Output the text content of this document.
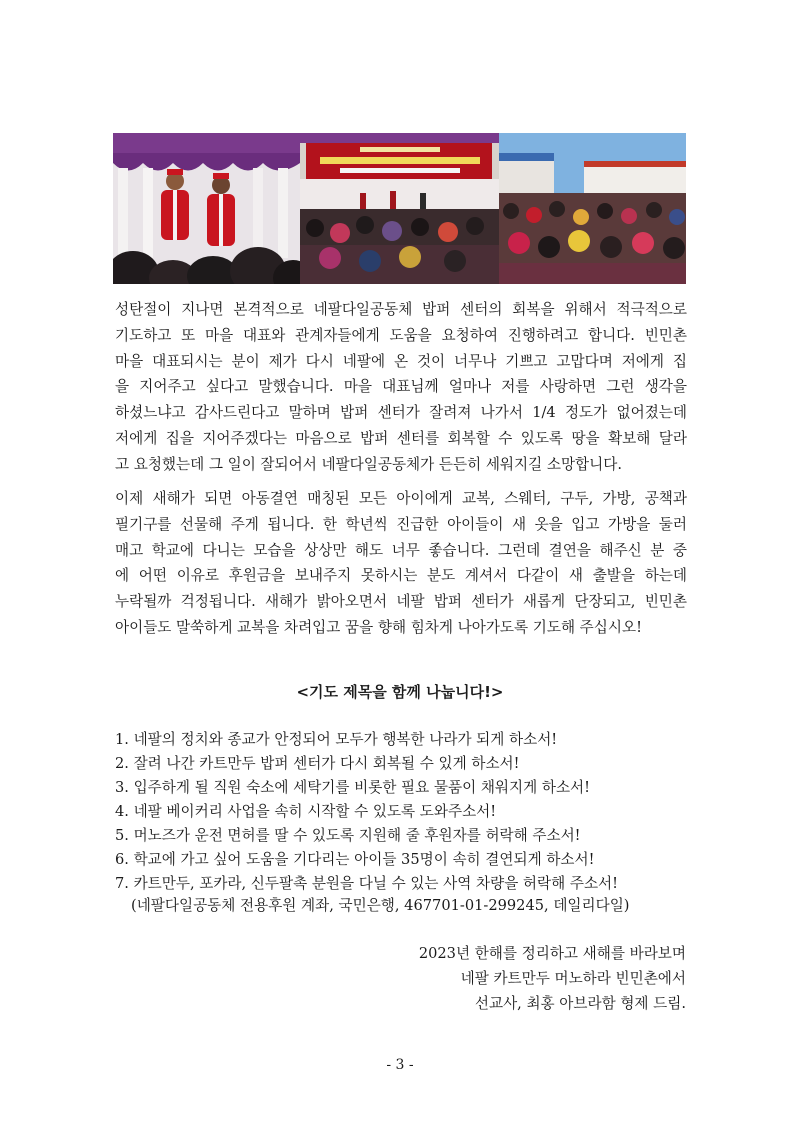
성탄절이 지나면 본격적으로 네팔다일공동체 밥퍼 센터의 회복을 위해서 적극적으로
기도하고 또 마을 대표와 관계자들에게 도움을 요청하여 진행하려고 합니다. 빈민촌
마을 대표되시는 분이 제가 다시 네팔에 온 것이 너무나 기쁘고 고맙다며 저에게 집
을 지어주고 싶다고 말했습니다. 마을 대표님께 얼마나 저를 사랑하면 그런 생각을
하셨느냐고 감사드린다고 말하며 밥퍼 센터가 잘려져 나가서 1/4 정도가 없어졌는데
저에게 집을 지어주겠다는 마음으로 밥퍼 센터를 회복할 수 있도록 땅을 확보해 달라
고 요청했는데 그 일이 잘되어서 네팔다일공동체가 든든히 세워지길 소망합니다.
이제 새해가 되면 아동결연 매칭된 모든 아이에게 교복, 스웨터, 구두, 가방, 공책과
필기구를 선물해 주게 됩니다. 한 학년씩 진급한 아이들이 새 옷을 입고 가방을 둘러
매고 학교에 다니는 모습을 상상만 해도 너무 좋습니다. 그런데 결연을 해주신 분 중
에 어떤 이유로 후원금을 보내주지 못하시는 분도 계셔서 다같이 새 출발을 하는데
누락될까 걱정됩니다. 새해가 밝아오면서 네팔 밥퍼 센터가 새롭게 단장되고, 빈민촌
아이들도 말쑥하게 교복을 차려입고 꿈을 향해 힘차게 나아가도록 기도해 주십시오!
<기도 제목을 함께 나눕니다!>
1. 네팔의 정치와 종교가 안정되어 모두가 행복한 나라가 되게 하소서!
2. 잘려 나간 카트만두 밥퍼 센터가 다시 회복될 수 있게 하소서!
3. 입주하게 될 직원 숙소에 세탁기를 비롯한 필요 물품이 채워지게 하소서!
4. 네팔 베이커리 사업을 속히 시작할 수 있도록 도와주소서!
5. 머노즈가 운전 면허를 딸 수 있도록 지원해 줄 후원자를 허락해 주소서!
6. 학교에 가고 싶어 도움을 기다리는 아이들 35명이 속히 결연되게 하소서!
7. 카트만두, 포카라, 신두팔촉 분원을 다닐 수 있는 사역 차량을 허락해 주소서!
(네팔다일공동체 전용후원 계좌, 국민은행, 467701-01-299245, 데일리다일)
2023년 한해를 정리하고 새해를 바라보며
네팔 카트만두 머노하라 빈민촌에서
선교사, 최홍 아브라함 형제 드림.
- 3 -
